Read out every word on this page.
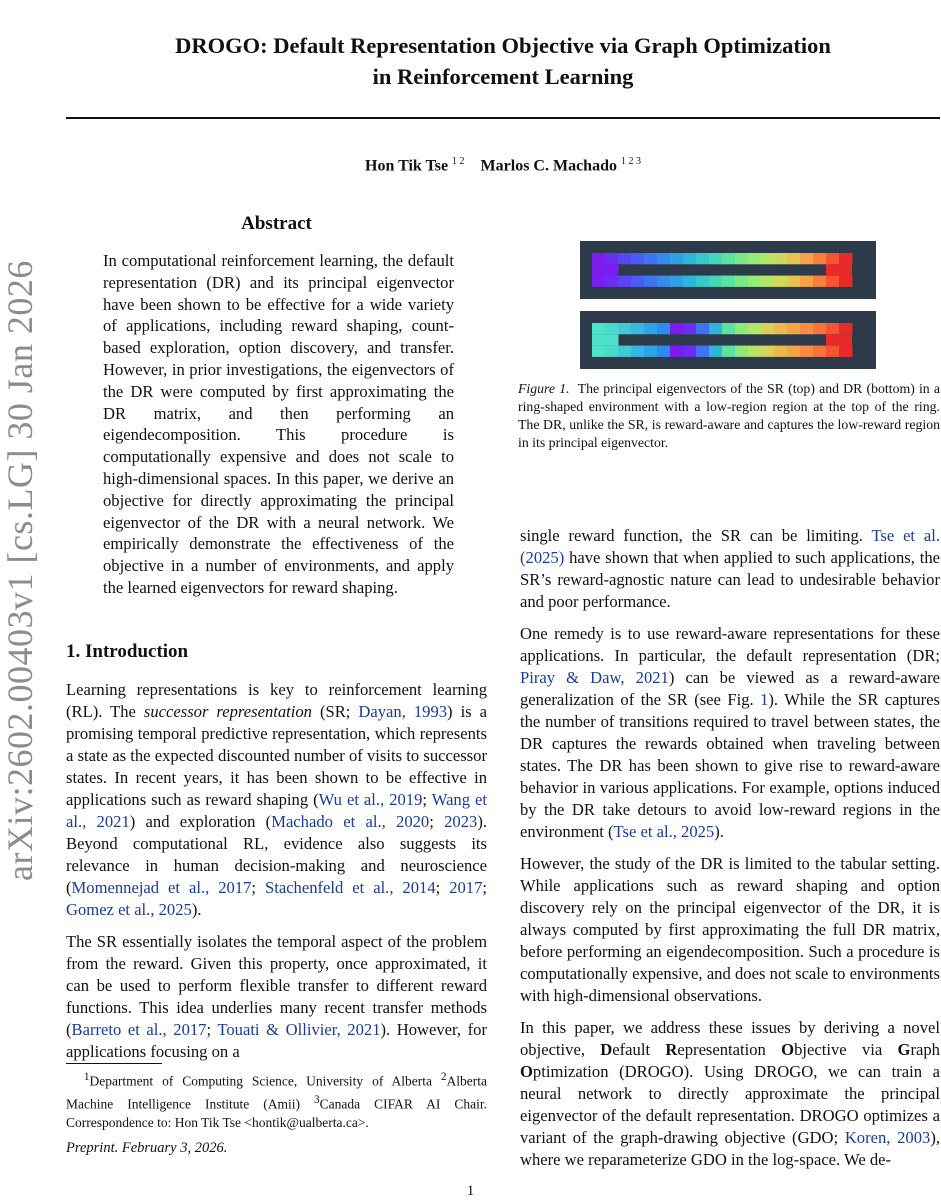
DROGO: Default Representation Objective via Graph Optimization
in Reinforcement Learning
Hon Tik Tse $^{1 2}$ Marlos C. Machado $^{1 2 3}$
arXiv:2602.00403v1 [cs.LG] 30 Jan 2026
Abstract
In computational reinforcement learning, the default representation (DR) and its principal eigenvector have been shown to be effective for a wide variety of applications, including reward shaping, count-based exploration, option discovery, and transfer. However, in prior investigations, the eigenvectors of the DR were computed by first approximating the DR matrix, and then performing an eigendecomposition. This procedure is computationally expensive and does not scale to high-dimensional spaces. In this paper, we derive an objective for directly approximating the principal eigenvector of the DR with a neural network. We empirically demonstrate the effectiveness of the objective in a number of environments, and apply the learned eigenvectors for reward shaping.
1. Introduction

Learning representations is key to reinforcement learning (RL). The successor representation (SR; Dayan, 1993) is a promising temporal predictive representation, which represents a state as the expected discounted number of visits to successor states. In recent years, it has been shown to be effective in applications such as reward shaping (Wu et al., 2019; Wang et al., 2021) and exploration (Machado et al., 2020; 2023). Beyond computational RL, evidence also suggests its relevance in human decision-making and neuroscience (Momennejad et al., 2017; Stachenfeld et al., 2014; 2017; Gomez et al., 2025).

The SR essentially isolates the temporal aspect of the problem from the reward. Given this property, once approximated, it can be used to perform flexible transfer to different reward functions. This idea underlies many recent transfer methods (Barreto et al., 2017; Touati & Ollivier, 2021). However, for applications focusing on a

$^1$Department of Computing Science, University of Alberta $^2$Alberta Machine Intelligence Institute (Amii) $^3$Canada CIFAR AI Chair. Correspondence to: Hon Tik Tse <hontik@ualberta.ca>.
Preprint. February 3, 2026.
1
Figure 1. The principal eigenvectors of the SR (top) and DR (bottom) in a ring-shaped environment with a low-region region at the top of the ring. The DR, unlike the SR, is reward-aware and captures the low-reward region in its principal eigenvector.

single reward function, the SR can be limiting. Tse et al. (2025) have shown that when applied to such applications, the SR’s reward-agnostic nature can lead to undesirable behavior and poor performance.

One remedy is to use reward-aware representations for these applications. In particular, the default representation (DR; Piray & Daw, 2021) can be viewed as a reward-aware generalization of the SR (see Fig. 1). While the SR captures the number of transitions required to travel between states, the DR captures the rewards obtained when traveling between states. The DR has been shown to give rise to reward-aware behavior in various applications. For example, options induced by the DR take detours to avoid low-reward regions in the environment (Tse et al., 2025).

However, the study of the DR is limited to the tabular setting. While applications such as reward shaping and option discovery rely on the principal eigenvector of the DR, it is always computed by first approximating the full DR matrix, before performing an eigendecomposition. Such a procedure is computationally expensive, and does not scale to environments with high-dimensional observations.

In this paper, we address these issues by deriving a novel objective, Default Representation Objective via Graph Optimization (DROGO). Using DROGO, we can train a neural network to directly approximate the principal eigenvector of the default representation. DROGO optimizes a variant of the graph-drawing objective (GDO; Koren, 2003), where we reparameterize GDO in the log-space. We de-
